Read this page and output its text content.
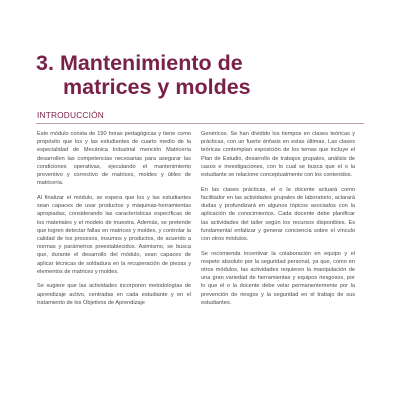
3. Mantenimiento de
matrices y moldes
INTRODUCCIÓN

Este módulo consta de 190 horas pedagógicas y tiene como propósito que los y las estudiantes de cuarto medio de la especialidad de Mecánica Industrial mención Matricería desarrollen las competencias necesarias para asegurar las condiciones operativas, ejecutando el mantenimiento preventivo y correctivo de matrices, moldes y útiles de matricería.

Al finalizar el módulo, se espera que los y las estudiantes sean capaces de usar productos y máquinas-herramientas apropiadas, considerando las características específicas de los materiales y el modelo de muestra. Además, se pretende que logren detectar fallas en matrices y moldes, y controlar la calidad de los procesos, insumos y productos, de acuerdo a normas y parámetros preestablecidos. Asimismo, se busca que, durante el desarrollo del módulo, sean capaces de aplicar técnicas de soldadura en la recuperación de piezas y elementos de matrices y moldes.

Se sugiere que las actividades incorporen metodologías de aprendizaje activo, centradas en cada estudiante y en el tratamiento de los Objetivos de Aprendizaje

Genéricos. Se han dividido los tiempos en clases teóricas y prácticas, con un fuerte énfasis en estas últimas. Las clases teóricas contemplan exposición de los temas que incluye el Plan de Estudio, desarrollo de trabajos grupales, análisis de casos e investigaciones, con lo cual se busca que el o la estudiante se relacione conceptualmente con los contenidos.

En las clases prácticas, el o la docente actuará como facilitador en las actividades grupales de laboratorio, aclarará dudas y profundizará en algunos tópicos asociados con la aplicación de conocimientos. Cada docente debe planificar las actividades del taller según los recursos disponibles. Es fundamental enfatizar y generar conciencia sobre el vínculo con otros módulos.

Se recomienda incentivar la colaboración en equipo y el respeto absoluto por la seguridad personal, ya que, como en otros módulos, las actividades requieren la manipulación de una gran variedad de herramientas y equipos riesgosos, por lo que el o la docente debe velar permanentemente por la prevención de riesgos y la seguridad en el trabajo de sus estudiantes.
